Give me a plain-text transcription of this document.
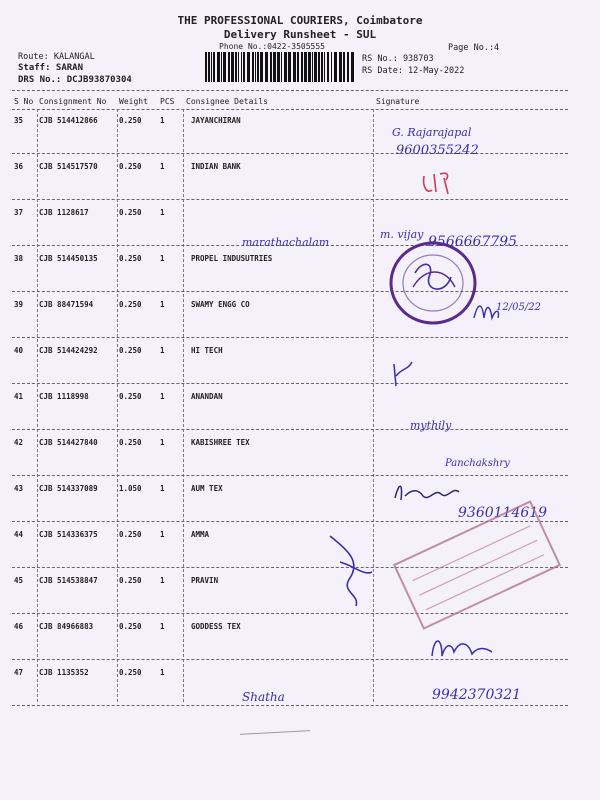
THE PROFESSIONAL COURIERS, Coimbatore
Delivery Runsheet - SUL
Phone No.:0422-3505555	Page No.:4
Route: KALANGAL
Staff: SARAN
DRS No.: DCJB93870304
RS No.: 938703
RS Date: 12-May-2022
S No Consignment No Weight PCS Consignee Details	Signature
35 CJB 514412866	0.250 1	JAYANCHIRAN
36 CJB 514517570	0.250 1	INDIAN BANK
37 CJB 1128617	0.250 1
38 CJB 514450135	0.250 1	PROPEL INDUSUTRIES
39 CJB 88471594	0.250 1	SWAMY ENGG CO
40 CJB 514424292	0.250 1	HI TECH
41 CJB 1118998	0.250 1	ANANDAN
42 CJB 514427840	0.250 1	KABISHREE TEX
43 CJB 514337089	1.050 1	AUM TEX
44 CJB 514336375	0.250 1	AMMA
45 CJB 514538847	0.250 1	PRAVIN
46 CJB 84966883	0.250 1	GODDESS TEX
47 CJB 1135352	0.250 1
G. Rajarajapal
9600355242
marathachalam
m. vijay 9566667795
12/05/22
mythily
Panchakshry
9360114619
Shatha	9942370321
